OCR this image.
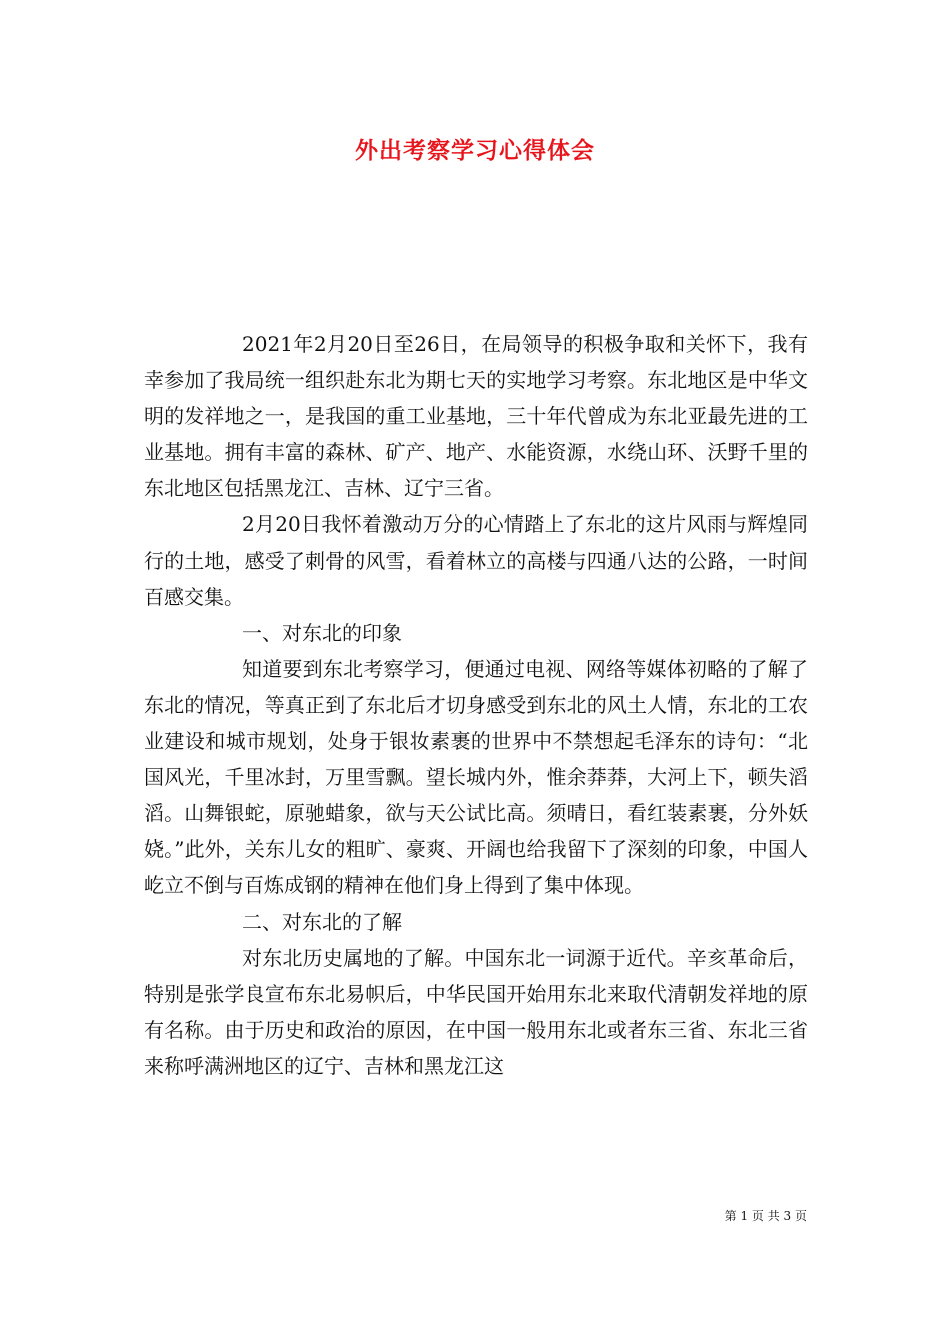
外出考察学习心得体会

2021年2月20日至26日，在局领导的积极争取和关怀下，我有幸参加了我局统一组织赴东北为期七天的实地学习考察。东北地区是中华文明的发祥地之一，是我国的重工业基地，三十年代曾成为东北亚最先进的工业基地。拥有丰富的森林、矿产、地产、水能资源，水绕山环、沃野千里的东北地区包括黑龙江、吉林、辽宁三省。

2月20日我怀着激动万分的心情踏上了东北的这片风雨与辉煌同行的土地，感受了刺骨的风雪，看着林立的高楼与四通八达的公路，一时间百感交集。

一、对东北的印象

知道要到东北考察学习，便通过电视、网络等媒体初略的了解了东北的情况，等真正到了东北后才切身感受到东北的风土人情，东北的工农业建设和城市规划，处身于银妆素裹的世界中不禁想起毛泽东的诗句：“北国风光，千里冰封，万里雪飘。望长城内外，惟余莽莽，大河上下，顿失滔滔。山舞银蛇，原驰蜡象，欲与天公试比高。须晴日，看红装素裹，分外妖娆。”此外，关东儿女的粗旷、豪爽、开阔也给我留下了深刻的印象，中国人屹立不倒与百炼成钢的精神在他们身上得到了集中体现。

二、对东北的了解

对东北历史属地的了解。中国东北一词源于近代。辛亥革命后，特别是张学良宣布东北易帜后，中华民国开始用东北来取代清朝发祥地的原有名称。由于历史和政治的原因，在中国一般用东北或者东三省、东北三省来称呼满洲地区的辽宁、吉林和黑龙江这

第 1 页 共 3 页
